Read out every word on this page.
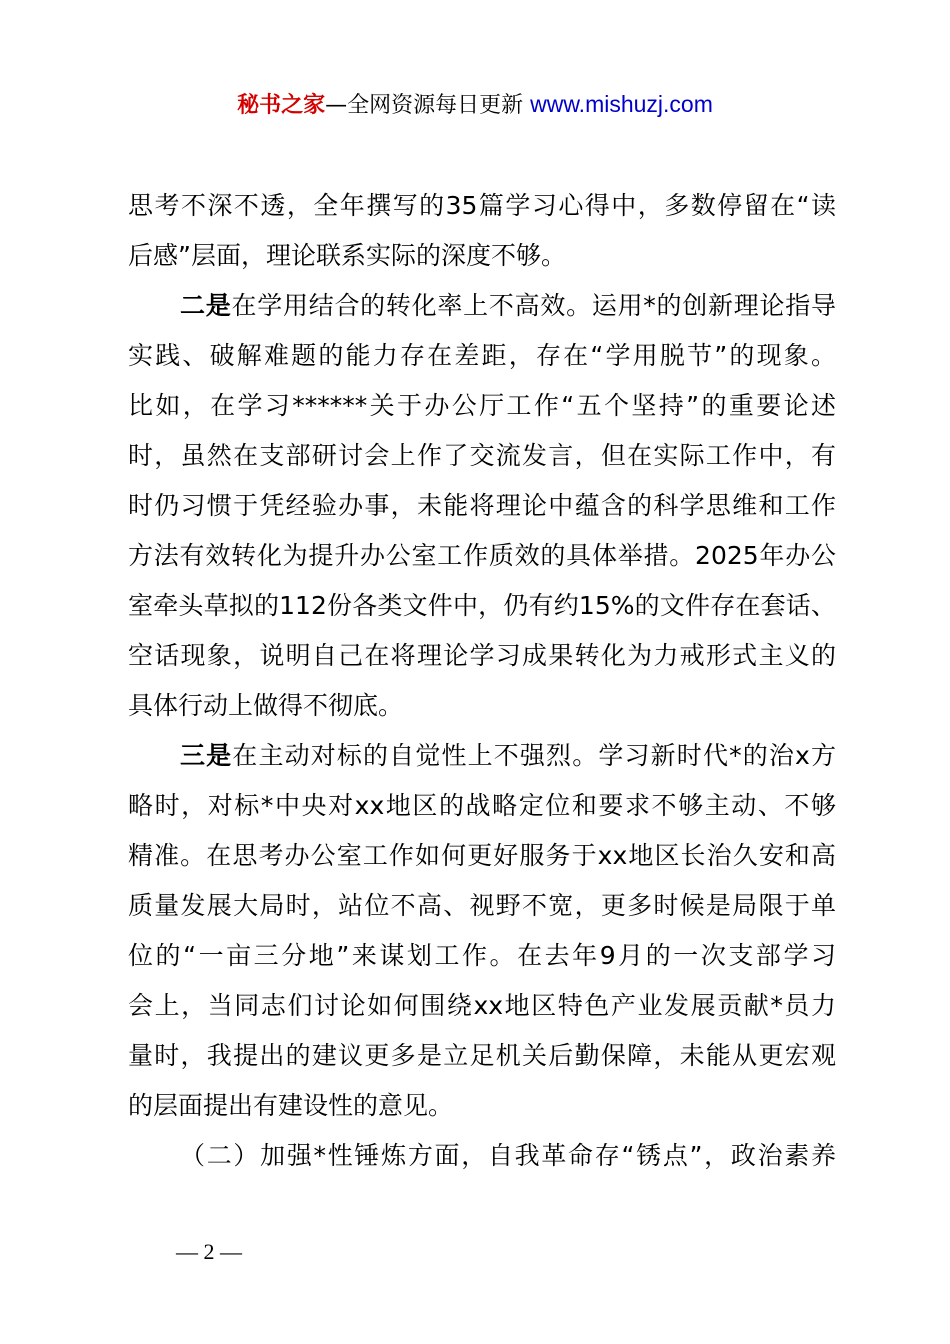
秘书之家—全网资源每日更新 www.mishuzj.com
思考不深不透，全年撰写的35篇学习心得中，多数停留在“读
后感”层面，理论联系实际的深度不够。
二是在学用结合的转化率上不高效。运用*的创新理论指导
实践、破解难题的能力存在差距，存在“学用脱节”的现象。
比如，在学习******关于办公厅工作“五个坚持”的重要论述
时，虽然在支部研讨会上作了交流发言，但在实际工作中，有
时仍习惯于凭经验办事，未能将理论中蕴含的科学思维和工作
方法有效转化为提升办公室工作质效的具体举措。2025年办公
室牵头草拟的112份各类文件中，仍有约15%的文件存在套话、
空话现象，说明自己在将理论学习成果转化为力戒形式主义的
具体行动上做得不彻底。
三是在主动对标的自觉性上不强烈。学习新时代*的治x方
略时，对标*中央对xx地区的战略定位和要求不够主动、不够
精准。在思考办公室工作如何更好服务于xx地区长治久安和高
质量发展大局时，站位不高、视野不宽，更多时候是局限于单
位的“一亩三分地”来谋划工作。在去年9月的一次支部学习
会上，当同志们讨论如何围绕xx地区特色产业发展贡献*员力
量时，我提出的建议更多是立足机关后勤保障，未能从更宏观
的层面提出有建设性的意见。
（二）加强*性锤炼方面，自我革命存“锈点”，政治素养
— 2 —
